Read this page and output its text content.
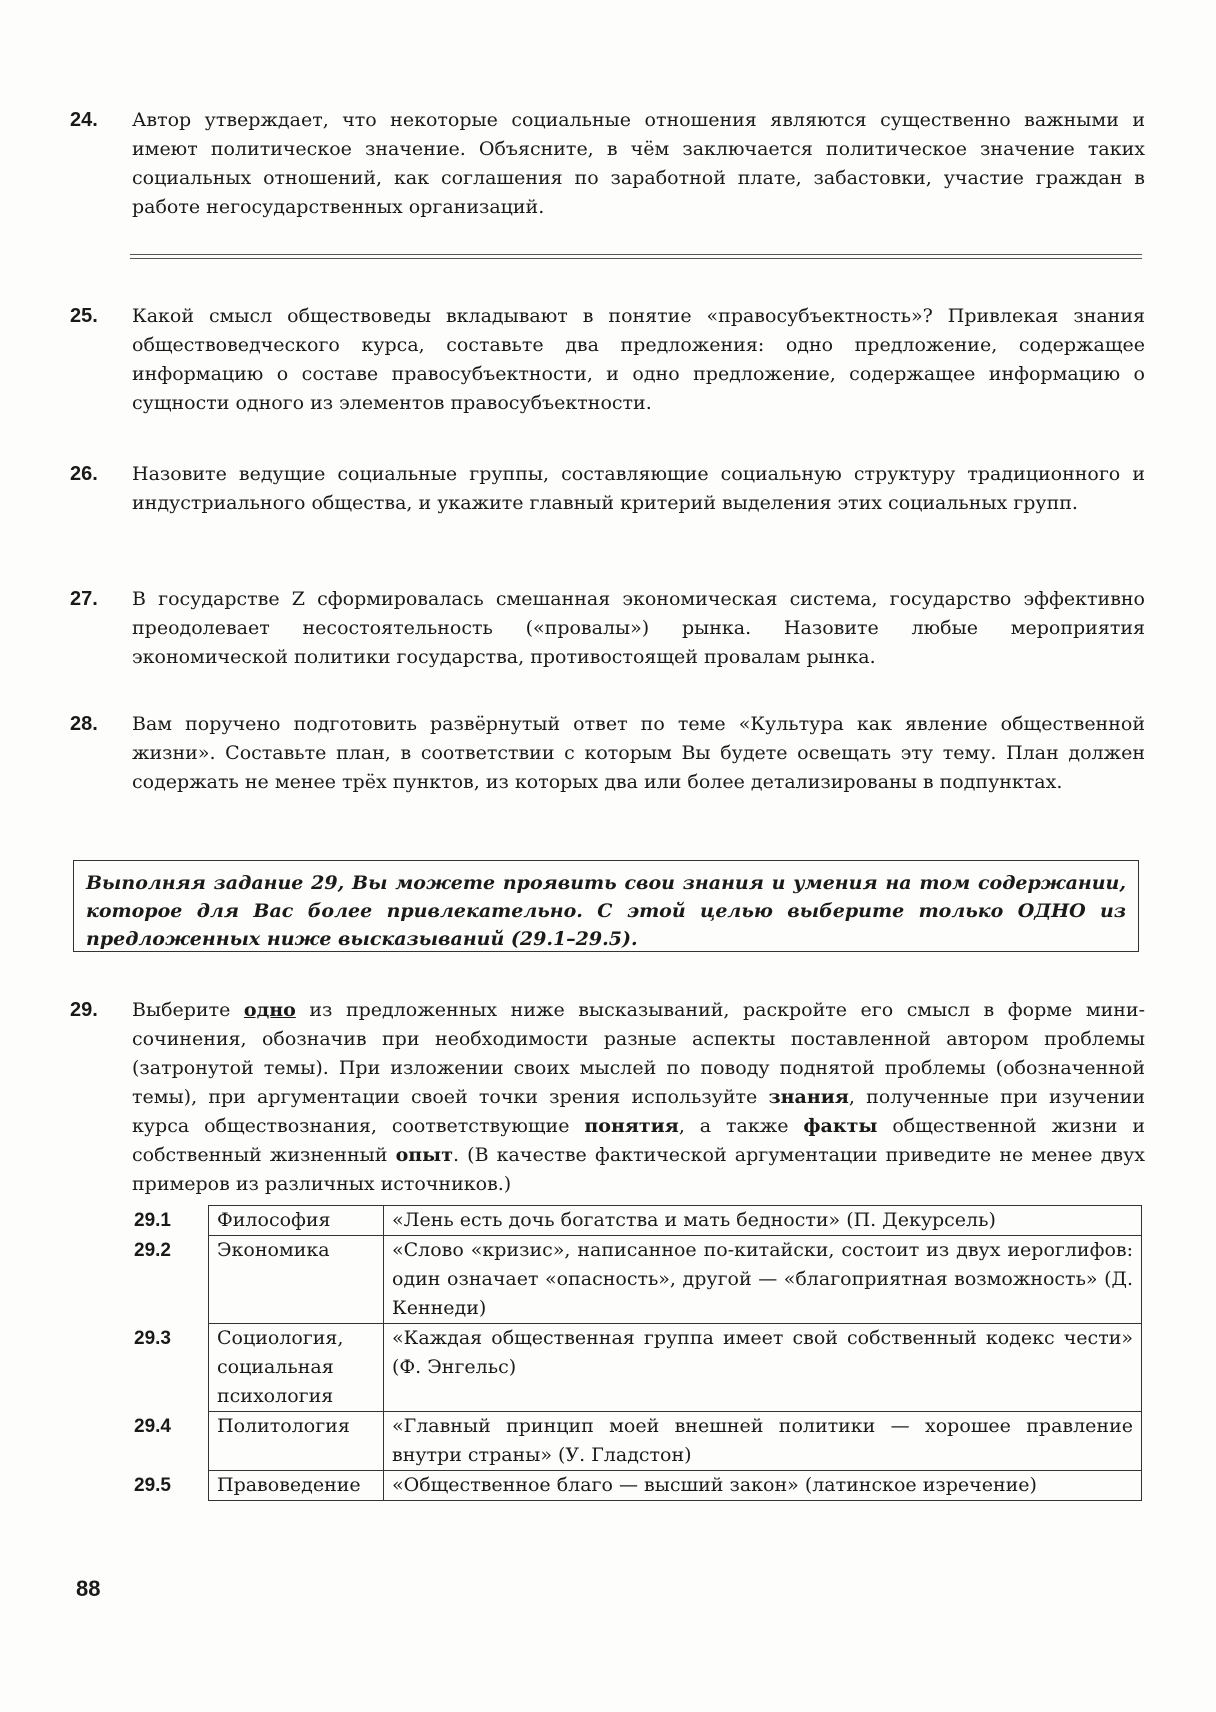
24.	Автор утверждает, что некоторые социальные отношения являются существенно важными и имеют политическое значение. Объясните, в чём заключается политическое значение таких социальных отношений, как соглашения по заработной плате, забастовки, участие граждан в работе негосударственных организаций.
25.	Какой смысл обществоведы вкладывают в понятие «правосубъектность»? Привлекая знания обществоведческого курса, составьте два предложения: одно предложение, содержащее информацию о составе правосубъектности, и одно предложение, содержащее информацию о сущности одного из элементов правосубъектности.
26.	Назовите ведущие социальные группы, составляющие социальную структуру традиционного и индустриального общества, и укажите главный критерий выделения этих социальных групп.
27.	В государстве Z сформировалась смешанная экономическая система, государство эффективно преодолевает несостоятельность («провалы») рынка. Назовите любые мероприятия экономической политики государства, противостоящей провалам рынка.
28.	Вам поручено подготовить развёрнутый ответ по теме «Культура как явление общественной жизни». Составьте план, в соответствии с которым Вы будете освещать эту тему. План должен содержать не менее трёх пунктов, из которых два или более детализированы в подпунктах.
Выполняя задание 29, Вы можете проявить свои знания и умения на том содержании, которое для Вас более привлекательно. С этой целью выберите только ОДНО из предложенных ниже высказываний (29.1–29.5).
29.	Выберите одно из предложенных ниже высказываний, раскройте его смысл в форме мини-сочинения, обозначив при необходимости разные аспекты поставленной автором проблемы (затронутой темы). При изложении своих мыслей по поводу поднятой проблемы (обозначенной темы), при аргументации своей точки зрения используйте знания, полученные при изучении курса обществознания, соответствующие понятия, а также факты общественной жизни и собственный жизненный опыт. (В качестве фактической аргументации приведите не менее двух примеров из различных источников.)
29.1	Философия	«Лень есть дочь богатства и мать бедности» (П. Декурсель)
29.2	Экономика	«Слово «кризис», написанное по-китайски, состоит из двух иероглифов: один означает «опасность», другой — «благоприятная возможность» (Д. Кеннеди)
29.3	Социология, социальная психология	«Каждая общественная группа имеет свой собственный кодекс чести» (Ф. Энгельс)
29.4	Политология	«Главный принцип моей внешней политики — хорошее правление внутри страны» (У. Гладстон)
29.5	Правоведение	«Общественное благо — высший закон» (латинское изречение)
88
